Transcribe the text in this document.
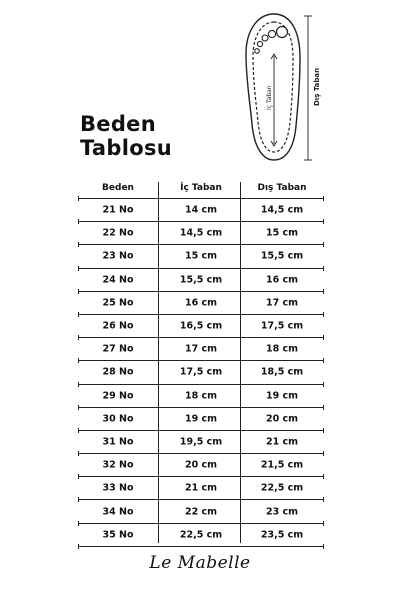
Beden
Tablosu
İç Taban	Dış Taban
Beden	İç Taban	Dış Taban
21 No	14 cm	14,5 cm
22 No	14,5 cm	15 cm
23 No	15 cm	15,5 cm
24 No	15,5 cm	16 cm
25 No	16 cm	17 cm
26 No	16,5 cm	17,5 cm
27 No	17 cm	18 cm
28 No	17,5 cm	18,5 cm
29 No	18 cm	19 cm
30 No	19 cm	20 cm
31 No	19,5 cm	21 cm
32 No	20 cm	21,5 cm
33 No	21 cm	22,5 cm
34 No	22 cm	23 cm
35 No	22,5 cm	23,5 cm
Le Mabelle
